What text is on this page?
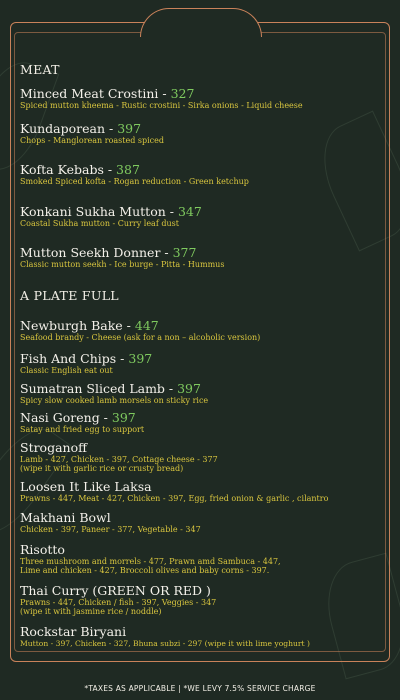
MEAT
Minced Meat Crostini - 327
Spiced mutton kheema - Rustic crostini - Sirka onions - Liquid cheese
Kundaporean - 397
Chops - Manglorean roasted spiced
Kofta Kebabs - 387
Smoked Spiced kofta - Rogan reduction - Green ketchup
Konkani Sukha Mutton - 347
Coastal Sukha mutton - Curry leaf dust
Mutton Seekh Donner - 377
Classic mutton seekh - Ice burge - Pitta - Hummus
A PLATE FULL
Newburgh Bake - 447
Seafood brandy - Cheese (ask for a non – alcoholic version)
Fish And Chips - 397
Classic English eat out
Sumatran Sliced Lamb - 397
Spicy slow cooked lamb morsels on sticky rice
Nasi Goreng - 397
Satay and fried egg to support
Stroganoff
Lamb - 427, Chicken - 397, Cottage cheese - 377
(wipe it with garlic rice or crusty bread)
Loosen It Like Laksa
Prawns - 447, Meat - 427, Chicken - 397, Egg, fried onion & garlic , cilantro
Makhani Bowl
Chicken - 397, Paneer - 377, Vegetable - 347
Risotto
Three mushroom and morrels - 477, Prawn amd Sambuca - 447,
Lime and chicken - 427, Broccoli olives and baby corns - 397.
Thai Curry (GREEN OR RED )
Prawns - 447, Chicken / fish - 397, Veggies - 347
(wipe it with jasmine rice / noddle)
Rockstar Biryani
Mutton - 397, Chicken - 327, Bhuna subzi - 297 (wipe it with lime yoghurt )
*TAXES AS APPLICABLE | *WE LEVY 7.5% SERVICE CHARGE
